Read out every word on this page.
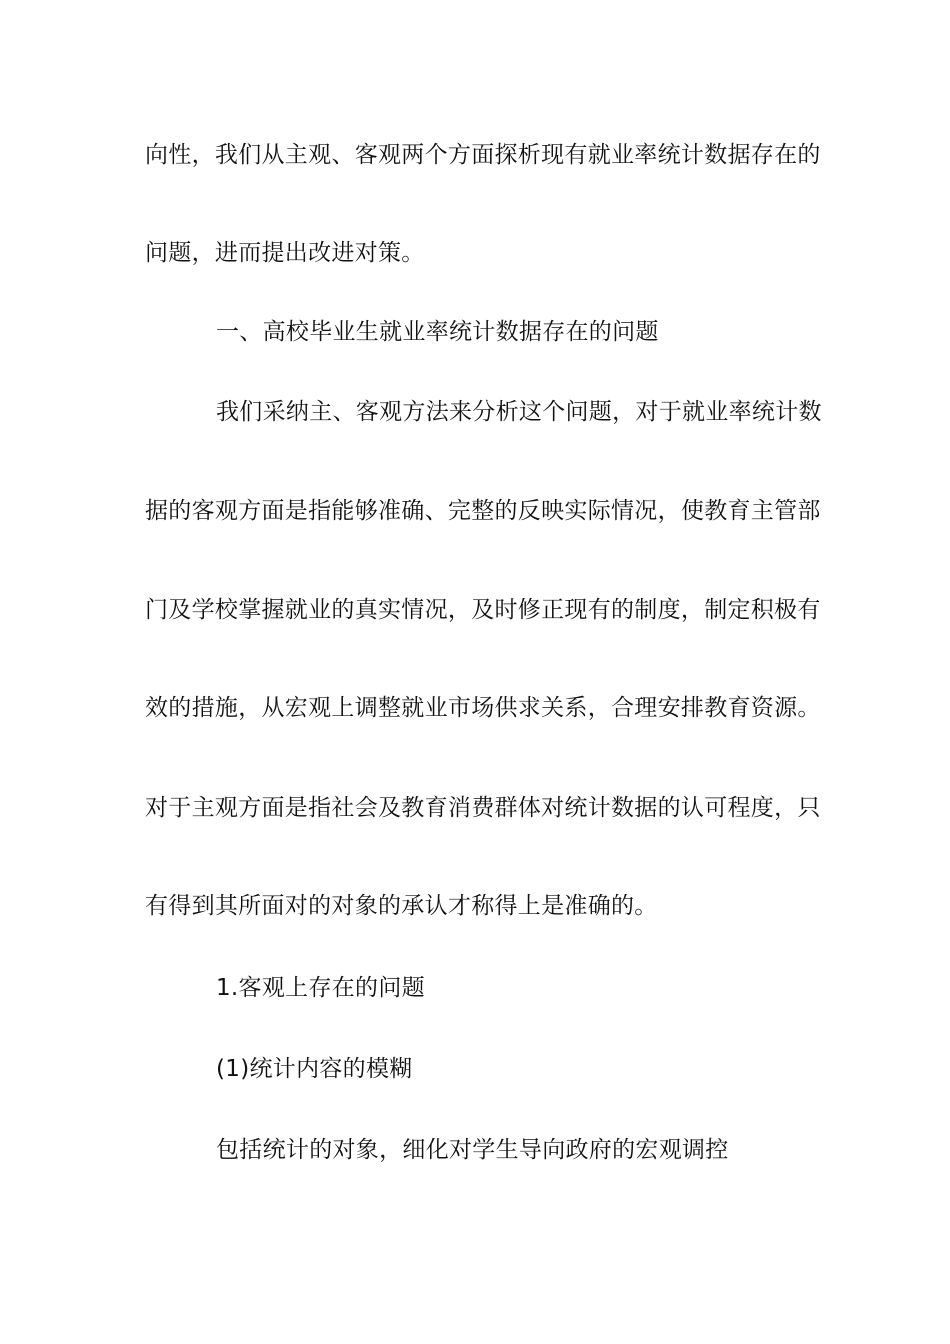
向性，我们从主观、客观两个方面探析现有就业率统计数据存在的
问题，进而提出改进对策。
一、高校毕业生就业率统计数据存在的问题
我们采纳主、客观方法来分析这个问题，对于就业率统计数
据的客观方面是指能够准确、完整的反映实际情况，使教育主管部
门及学校掌握就业的真实情况，及时修正现有的制度，制定积极有
效的措施，从宏观上调整就业市场供求关系，合理安排教育资源。
对于主观方面是指社会及教育消费群体对统计数据的认可程度，只
有得到其所面对的对象的承认才称得上是准确的。
1.客观上存在的问题
(1)统计内容的模糊
包括统计的对象，细化对学生导向政府的宏观调控
